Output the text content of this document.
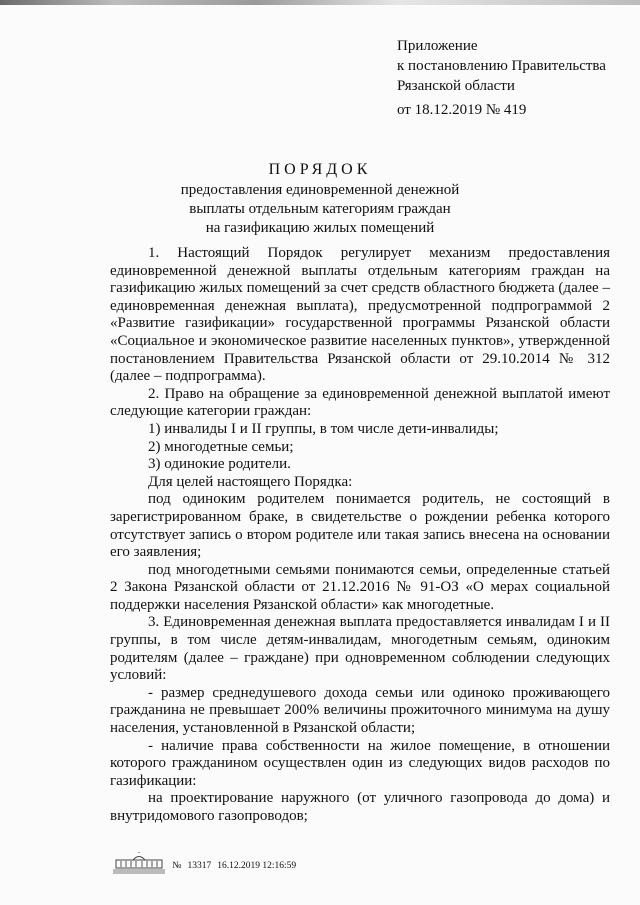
Приложение
к постановлению Правительства
Рязанской области
от 18.12.2019 № 419
ПОРЯДОК
предоставления единовременной денежной
выплаты отдельным категориям граждан
на газификацию жилых помещений

1. Настоящий Порядок регулирует механизм предоставления единовременной денежной выплаты отдельным категориям граждан на газификацию жилых помещений за счет средств областного бюджета (далее – единовременная денежная выплата), предусмотренной подпрограммой 2 «Развитие газификации» государственной программы Рязанской области «Социальное и экономическое развитие населенных пунктов», утвержденной постановлением Правительства Рязанской области от 29.10.2014 № 312 (далее – подпрограмма).

2. Право на обращение за единовременной денежной выплатой имеют следующие категории граждан:

1) инвалиды I и II группы, в том числе дети-инвалиды;

2) многодетные семьи;

3) одинокие родители.

Для целей настоящего Порядка:

под одиноким родителем понимается родитель, не состоящий в зарегистрированном браке, в свидетельстве о рождении ребенка которого отсутствует запись о втором родителе или такая запись внесена на основании его заявления;

под многодетными семьями понимаются семьи, определенные статьей 2 Закона Рязанской области от 21.12.2016 № 91-ОЗ «О мерах социальной поддержки населения Рязанской области» как многодетные.

3. Единовременная денежная выплата предоставляется инвалидам I и II группы, в том числе детям-инвалидам, многодетным семьям, одиноким родителям (далее – граждане) при одновременном соблюдении следующих условий:

- размер среднедушевого дохода семьи или одиноко проживающего гражданина не превышает 200% величины прожиточного минимума на душу населения, установленной в Рязанской области;

- наличие права собственности на жилое помещение, в отношении которого гражданином осуществлен один из следующих видов расходов по газификации:

на проектирование наружного (от уличного газопровода до дома) и внутридомового газопроводов;

№ 13317 16.12.2019 12:16:59
